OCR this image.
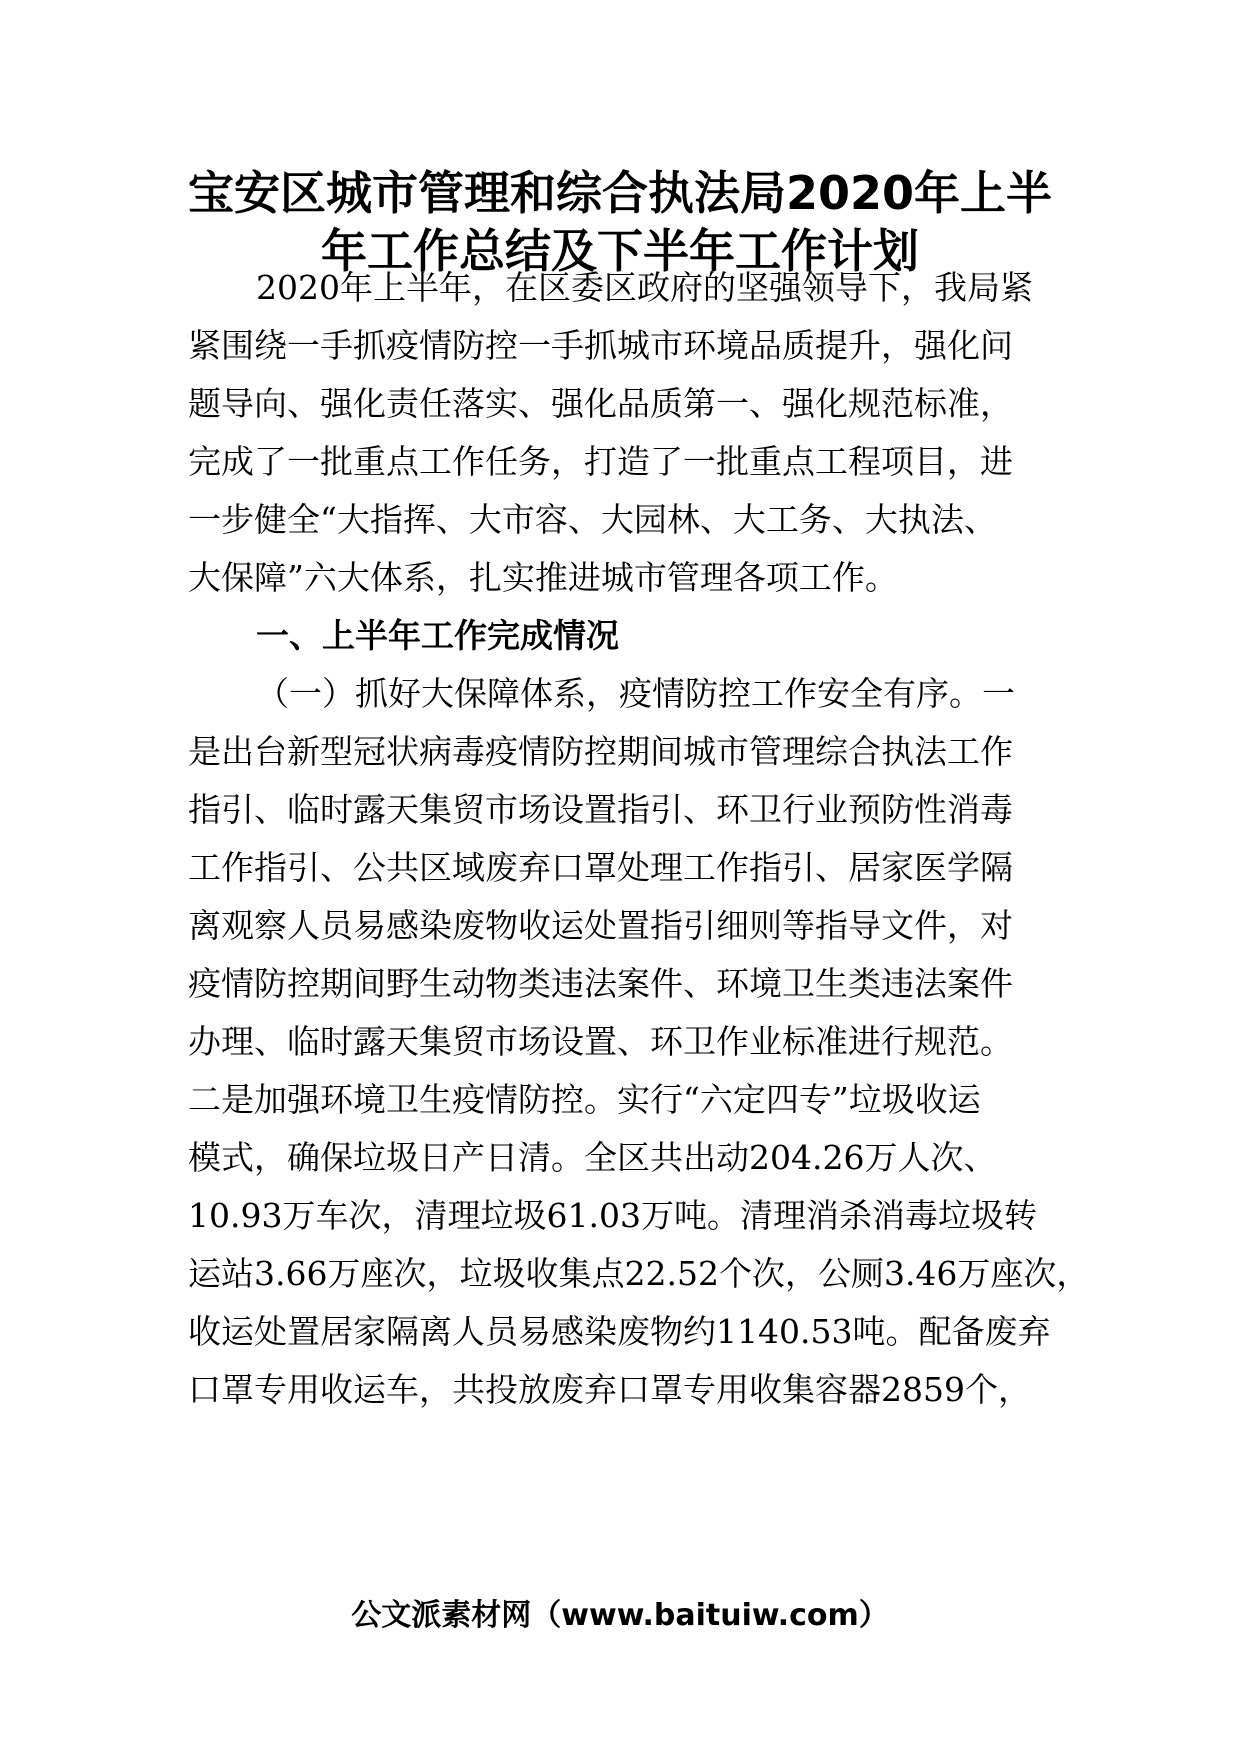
宝安区城市管理和综合执法局2020年上半
年工作总结及下半年工作计划
2020年上半年，在区委区政府的坚强领导下，我局紧
紧围绕一手抓疫情防控一手抓城市环境品质提升，强化问
题导向、强化责任落实、强化品质第一、强化规范标准，
完成了一批重点工作任务，打造了一批重点工程项目，进
一步健全“大指挥、大市容、大园林、大工务、大执法、
大保障”六大体系，扎实推进城市管理各项工作。
一、上半年工作完成情况
（一）抓好大保障体系，疫情防控工作安全有序。一
是出台新型冠状病毒疫情防控期间城市管理综合执法工作
指引、临时露天集贸市场设置指引、环卫行业预防性消毒
工作指引、公共区域废弃口罩处理工作指引、居家医学隔
离观察人员易感染废物收运处置指引细则等指导文件，对
疫情防控期间野生动物类违法案件、环境卫生类违法案件
办理、临时露天集贸市场设置、环卫作业标准进行规范。
二是加强环境卫生疫情防控。实行“六定四专”垃圾收运
模式，确保垃圾日产日清。全区共出动204.26万人次、
10.93万车次，清理垃圾61.03万吨。清理消杀消毒垃圾转
运站3.66万座次，垃圾收集点22.52个次，公厕3.46万座次，
收运处置居家隔离人员易感染废物约1140.53吨。配备废弃
口罩专用收运车，共投放废弃口罩专用收集容器2859个，
公文派素材网（www.baituiw.com）
